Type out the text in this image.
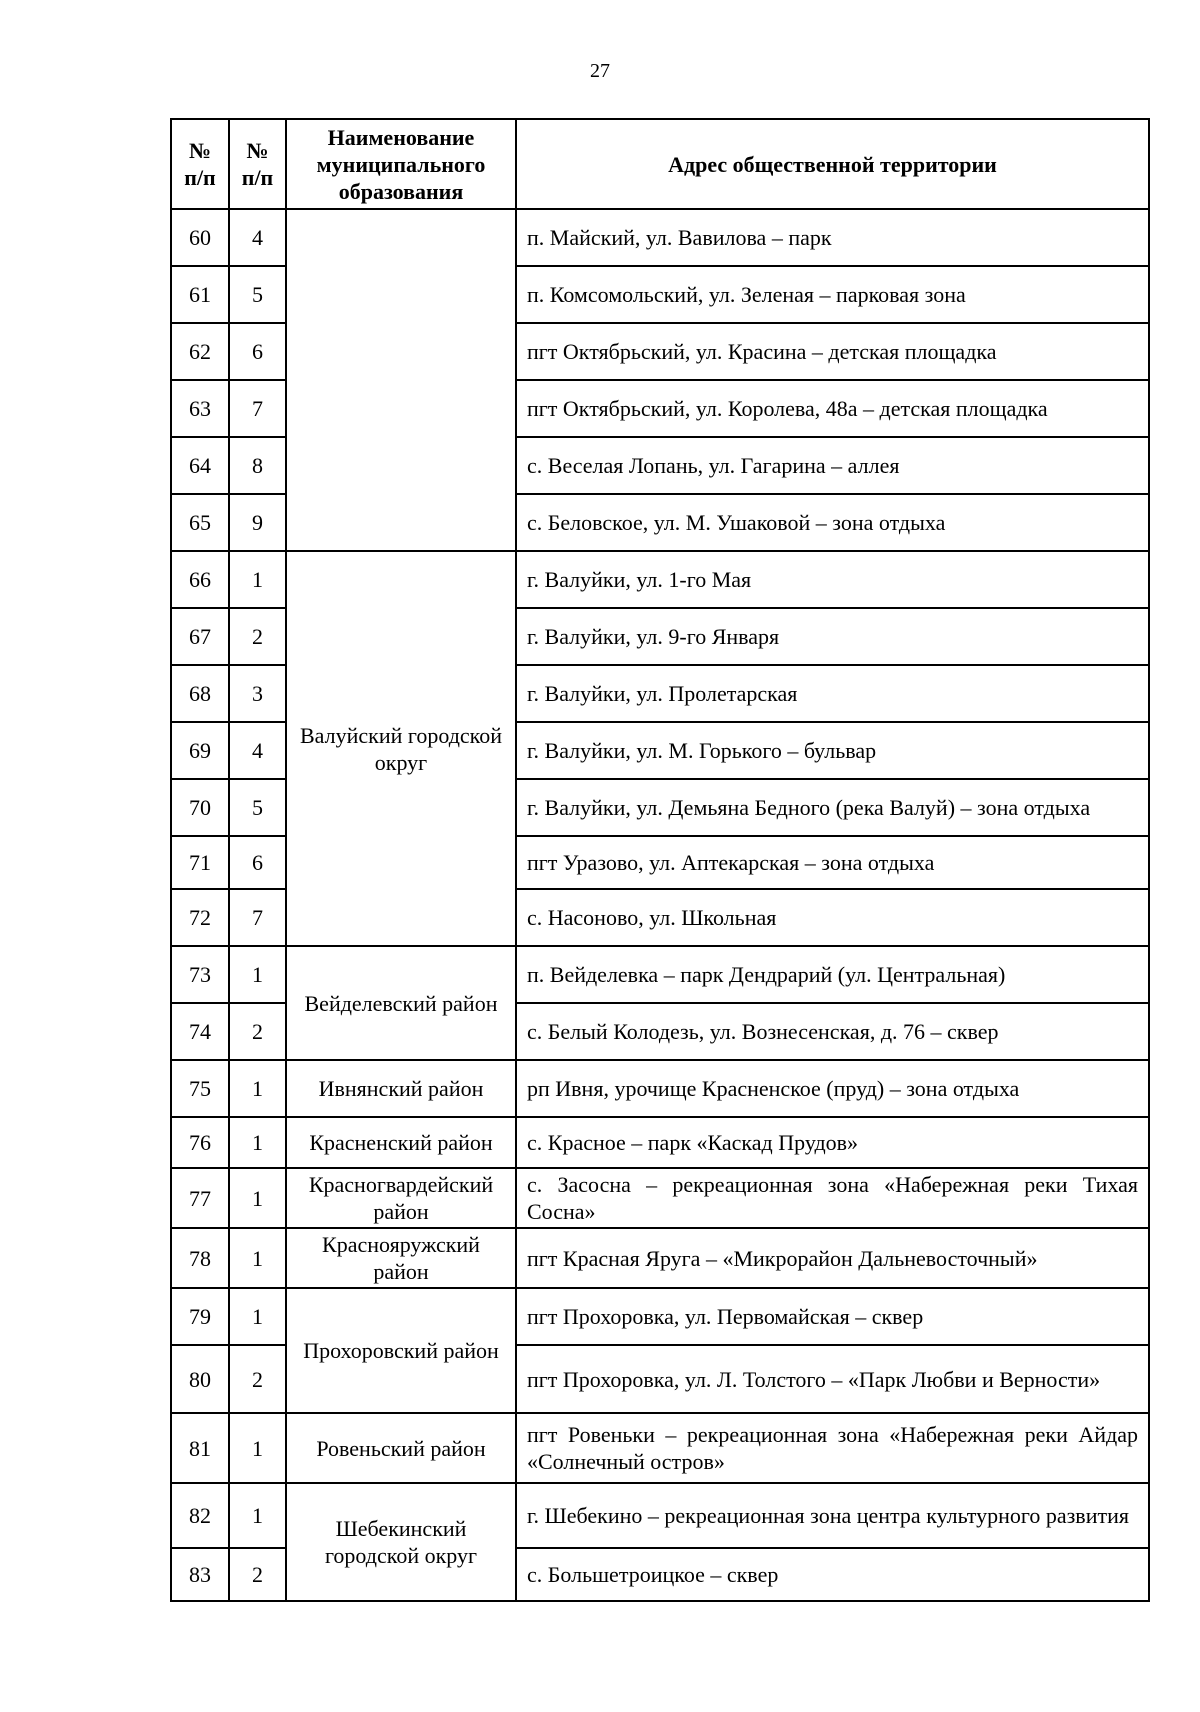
27
№ п/п	№ п/п	Наименование муниципального образования	Адрес общественной территории
60	4		п. Майский, ул. Вавилова – парк
61	5		п. Комсомольский, ул. Зеленая – парковая зона
62	6		пгт Октябрьский, ул. Красина – детская площадка
63	7		пгт Октябрьский, ул. Королева, 48а – детская площадка
64	8		с. Веселая Лопань, ул. Гагарина – аллея
65	9		с. Беловское, ул. М. Ушаковой – зона отдыха
66	1	Валуйский городской округ	г. Валуйки, ул. 1-го Мая
67	2		г. Валуйки, ул. 9-го Января
68	3		г. Валуйки, ул. Пролетарская
69	4		г. Валуйки, ул. М. Горького – бульвар
70	5		г. Валуйки, ул. Демьяна Бедного (река Валуй) – зона отдыха
71	6		пгт Уразово, ул. Аптекарская – зона отдыха
72	7		с. Насоново, ул. Школьная
73	1	Вейделевский район	п. Вейделевка – парк Дендрарий (ул. Центральная)
74	2		с. Белый Колодезь, ул. Вознесенская, д. 76 – сквер
75	1	Ивнянский район	рп Ивня, урочище Красненское (пруд) – зона отдыха
76	1	Красненский район	с. Красное – парк «Каскад Прудов»
77	1	Красногвардейский район	с. Засосна – рекреационная зона «Набережная реки Тихая Сосна»
78	1	Краснояружский район	пгт Красная Яруга – «Микрорайон Дальневосточный»
79	1	Прохоровский район	пгт Прохоровка, ул. Первомайская – сквер
80	2		пгт Прохоровка, ул. Л. Толстого – «Парк Любви и Верности»
81	1	Ровеньский район	пгт Ровеньки – рекреационная зона «Набережная реки Айдар «Солнечный остров»
82	1	Шебекинский городской округ	г. Шебекино – рекреационная зона центра культурного развития
83	2		с. Большетроицкое – сквер
